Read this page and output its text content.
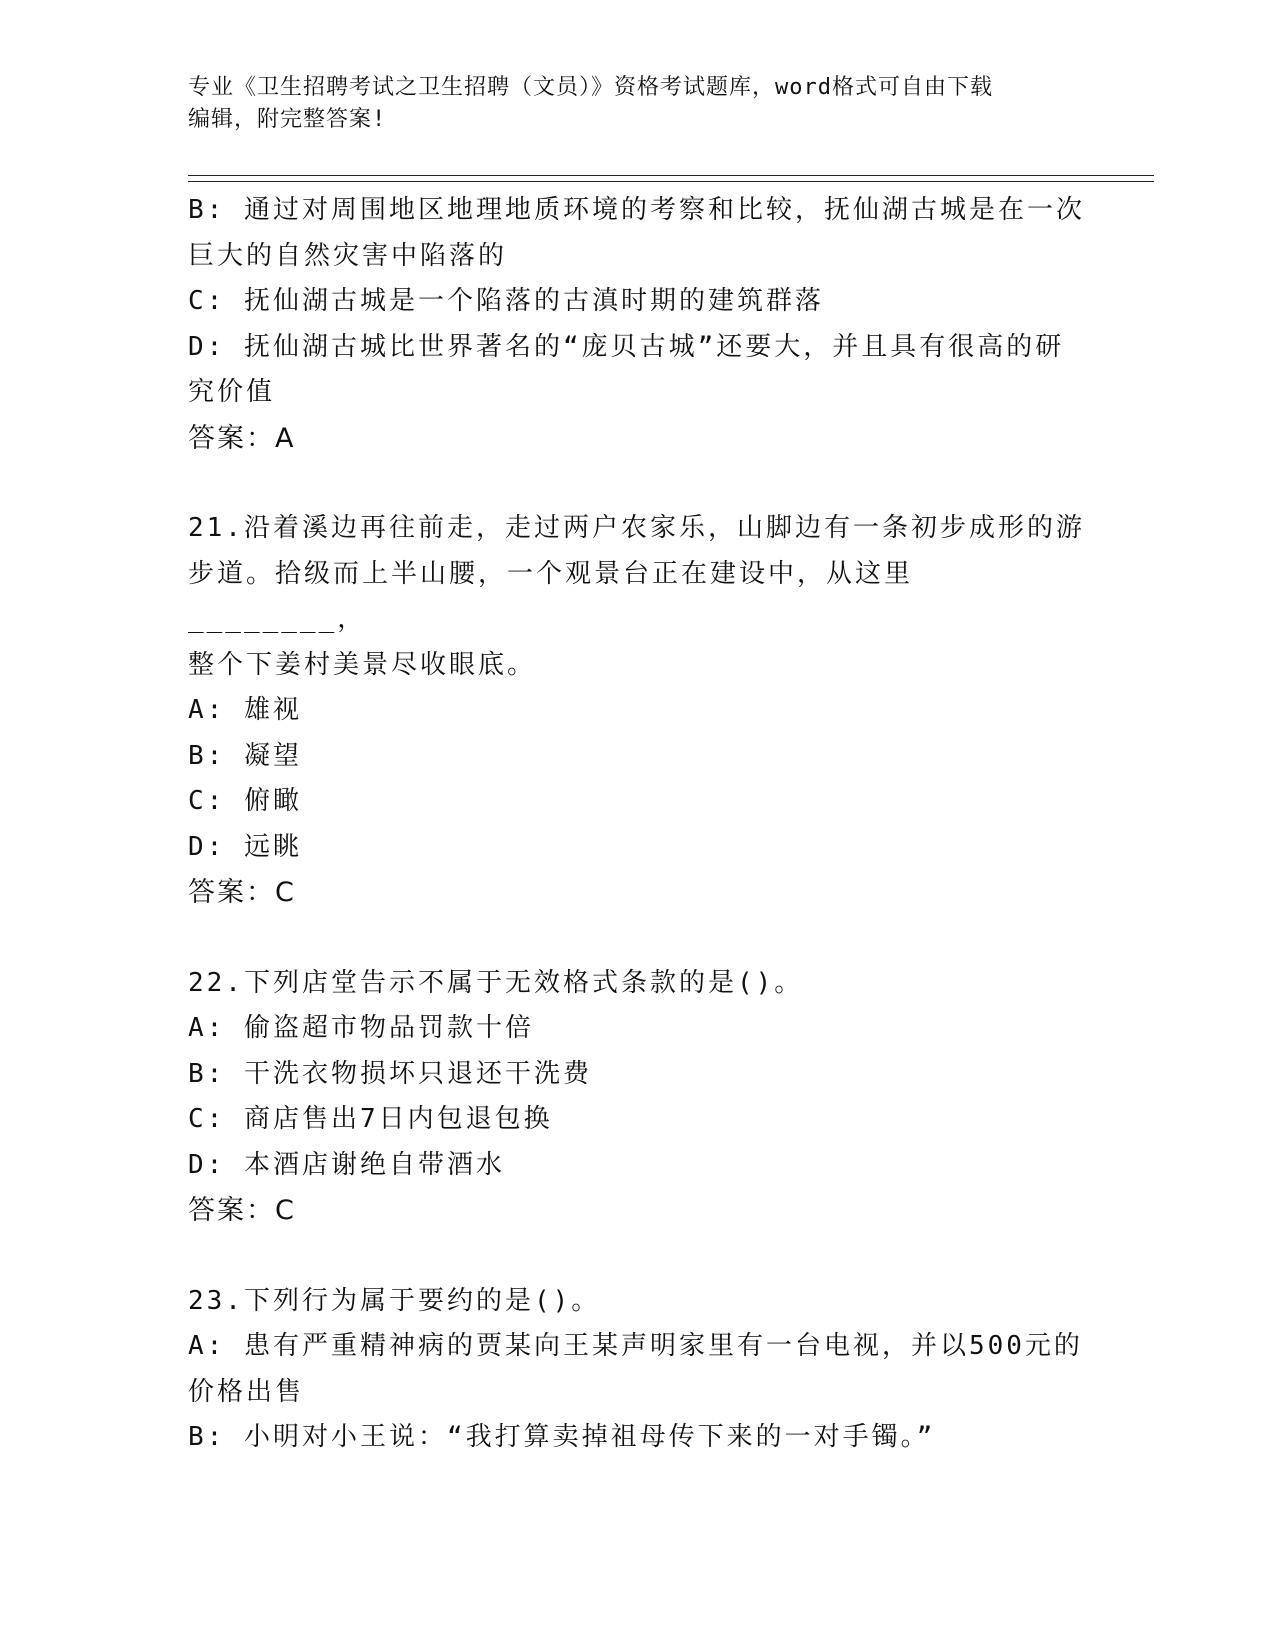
专业《卫生招聘考试之卫生招聘（文员）》资格考试题库，word格式可自由下载
编辑，附完整答案!

B: 通过对周围地区地理地质环境的考察和比较，抚仙湖古城是在一次

巨大的自然灾害中陷落的

C: 抚仙湖古城是一个陷落的古滇时期的建筑群落

D: 抚仙湖古城比世界著名的“庞贝古城”还要大，并且具有很高的研

究价值

答案：A

21.沿着溪边再往前走，走过两户农家乐，山脚边有一条初步成形的游

步道。拾级而上半山腰，一个观景台正在建设中，从这里________，

整个下姜村美景尽收眼底。

A: 雄视

B: 凝望

C: 俯瞰

D: 远眺

答案：C

22.下列店堂告示不属于无效格式条款的是()。

A: 偷盗超市物品罚款十倍

B: 干洗衣物损坏只退还干洗费

C: 商店售出7日内包退包换

D: 本酒店谢绝自带酒水

答案：C

23.下列行为属于要约的是()。

A: 患有严重精神病的贾某向王某声明家里有一台电视，并以500元的

价格出售

B: 小明对小王说：“我打算卖掉祖母传下来的一对手镯。”
